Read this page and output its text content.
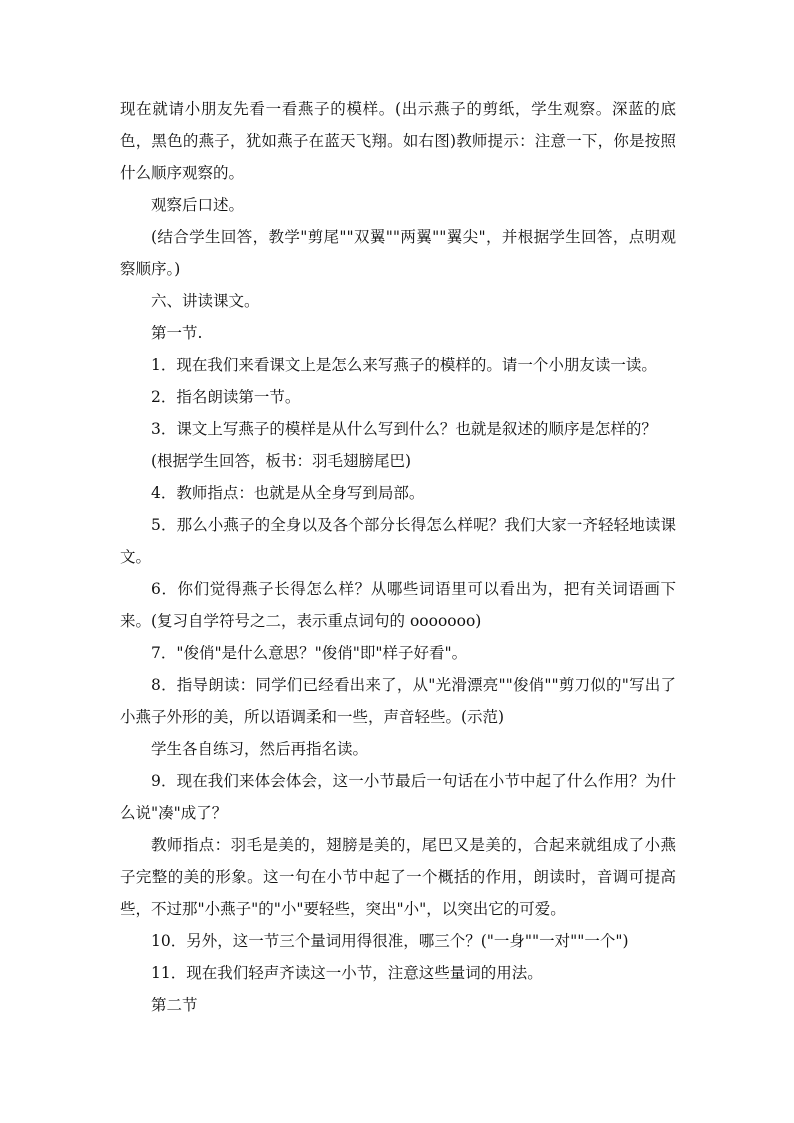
现在就请小朋友先看一看燕子的模样。(出示燕子的剪纸，学生观察。深蓝的底色，黑色的燕子，犹如燕子在蓝天飞翔。如右图)教师提示：注意一下，你是按照什么顺序观察的。

观察后口述。

(结合学生回答，教学"剪尾""双翼""两翼""翼尖"，并根据学生回答，点明观察顺序。)

六、讲读课文。

第一节.

1．现在我们来看课文上是怎么来写燕子的模样的。请一个小朋友读一读。

2．指名朗读第一节。

3．课文上写燕子的模样是从什么写到什么？也就是叙述的顺序是怎样的？

(根据学生回答，板书：羽毛翅膀尾巴)

4．教师指点：也就是从全身写到局部。

5．那么小燕子的全身以及各个部分长得怎么样呢？我们大家一齐轻轻地读课文。

6．你们觉得燕子长得怎么样？从哪些词语里可以看出为，把有关词语画下来。(复习自学符号之二，表示重点词句的 ooooooo)

7．"俊俏"是什么意思？"俊俏"即"样子好看"。

8．指导朗读：同学们已经看出来了，从"光滑漂亮""俊俏""剪刀似的"写出了小燕子外形的美，所以语调柔和一些，声音轻些。(示范)

学生各自练习，然后再指名读。

9．现在我们来体会体会，这一小节最后一句话在小节中起了什么作用？为什么说"凑"成了？

教师指点：羽毛是美的，翅膀是美的，尾巴又是美的，合起来就组成了小燕子完整的美的形象。这一句在小节中起了一个概括的作用，朗读时，音调可提高些，不过那"小燕子"的"小"要轻些，突出"小"，以突出它的可爱。

10．另外，这一节三个量词用得很准，哪三个？("一身""一对""一个")

11．现在我们轻声齐读这一小节，注意这些量词的用法。

第二节
